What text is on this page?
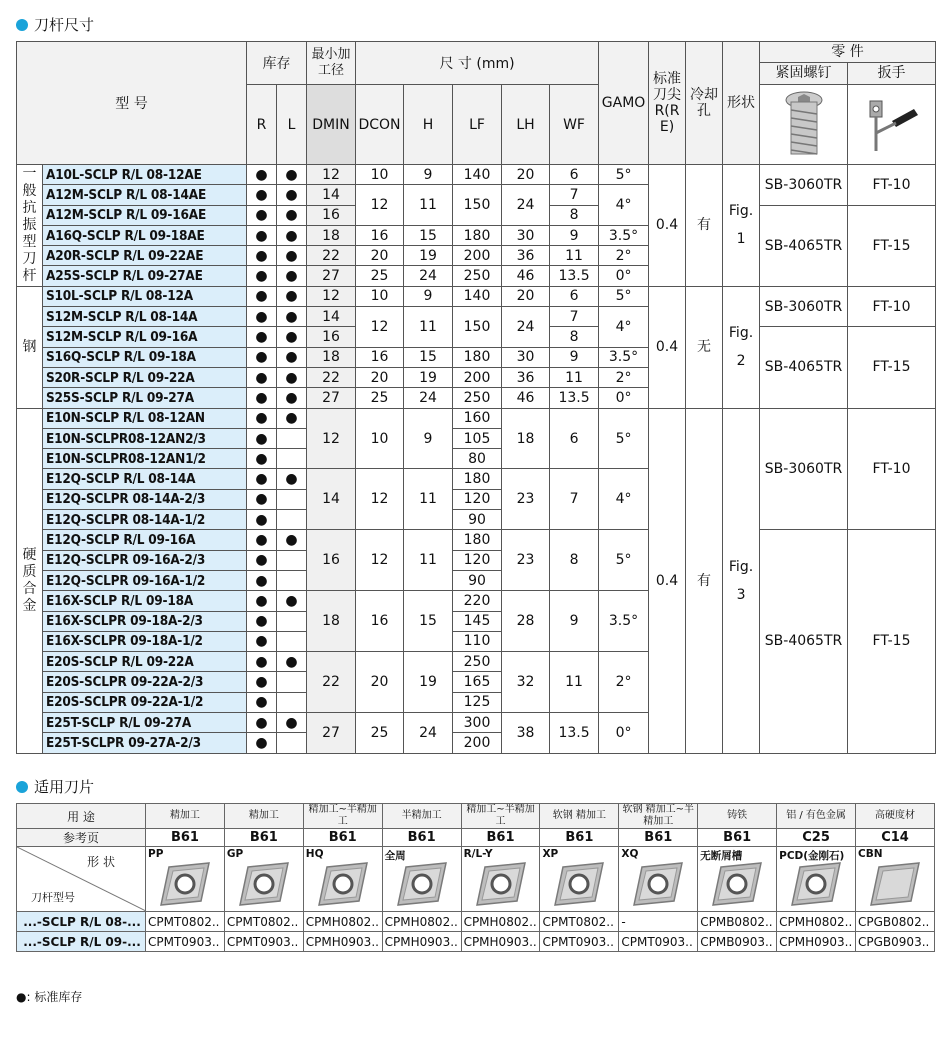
刀杆尺寸
型 号		库存		最小加工径	尺 寸 (mm)					GAMO	标准刀尖R(RE)	冷却孔	形状	零 件
紧固螺钉 扳手	

		R	L	DMIN	DCON	H	LF	LH	WF	

一般抗振型刀杆	A10L-SCLP R/L 08-12AE	●	●	12	10	9	140	20	6	5°	0.4	有	Fig. 1	SB-3060TR	FT-10
	A12M-SCLP R/L 08-14AE	●	●	14	12	11	150	24	7	4°					
	A12M-SCLP R/L 09-16AE	●	●	16					8					SB-4065TR	FT-15
	A16Q-SCLP R/L 09-18AE	●	●	18	16	15	180	30	9	3.5°					
	A20R-SCLP R/L 09-22AE	●	●	22	20	19	200	36	11	2°					
	A25S-SCLP R/L 09-27AE	●	●	27	25	24	250	46	13.5	0°					
钢	S10L-SCLP R/L 08-12A	●	●	12	10	9	140	20	6	5°	0.4	无	Fig. 2	SB-3060TR	FT-10
	S12M-SCLP R/L 08-14A	●	●	14	12	11	150	24	7	4°					
	S12M-SCLP R/L 09-16A	●	●	16					8					SB-4065TR	FT-15
	S16Q-SCLP R/L 09-18A	●	●	18	16	15	180	30	9	3.5°					
	S20R-SCLP R/L 09-22A	●	●	22	20	19	200	36	11	2°					
	S25S-SCLP R/L 09-27A	●	●	27	25	24	250	46	13.5	0°					
硬质合金	E10N-SCLP R/L 08-12AN	●	●	12	10	9	160	18	6	5°	0.4	有	Fig. 3	SB-3060TR	FT-10
	E10N-SCLPR08-12AN2/3	●					105								
	E10N-SCLPR08-12AN1/2	●					80								
	E12Q-SCLP R/L 08-14A	●	●	14	12	11	180	23	7	4°					
	E12Q-SCLPR 08-14A-2/3	●					120								
	E12Q-SCLPR 08-14A-1/2	●					90								
	E12Q-SCLP R/L 09-16A	●	●	16	12	11	180	23	8	5°				SB-4065TR	FT-15
	E12Q-SCLPR 09-16A-2/3	●					120								
	E12Q-SCLPR 09-16A-1/2	●					90								
	E16X-SCLP R/L 09-18A	●	●	18	16	15	220	28	9	3.5°					
	E16X-SCLPR 09-18A-2/3	●					145								
	E16X-SCLPR 09-18A-1/2	●					110								
	E20S-SCLP R/L 09-22A	●	●	22	20	19	250	32	11	2°					
	E20S-SCLPR 09-22A-2/3	●					165								
	E20S-SCLPR 09-22A-1/2	●					125								
	E25T-SCLP R/L 09-27A	●	●	27	25	24	300	38	13.5	0°					
	E25T-SCLPR 09-27A-2/3	●					200								
适用刀片
用 途	精加工	精加工	精加工~半精加工	半精加工	精加工~半精加工	软钢 精加工	软钢 精加工~半精加工	铸铁	铝 / 有色金属	高硬度材
参考页	B61	B61	B61	B61	B61	B61	B61	B61	C25	C14

形 状
刀杆型号	PP	GP	HQ	全周	R/L-Y	XP	XQ	无断屑槽	PCD(金刚石)	CBN

...-SCLP R/L 08-...	CPMT0802..	CPMT0802..	CPMH0802..	CPMH0802..	CPMH0802..	CPMT0802..	-	CPMB0802..	CPMH0802..	CPGB0802..
...-SCLP R/L 09-...	CPMT0903..	CPMT0903..	CPMH0903..	CPMH0903..	CPMH0903..	CPMT0903..	CPMT0903..	CPMB0903..	CPMH0903..	CPGB0903..
●: 标准库存
